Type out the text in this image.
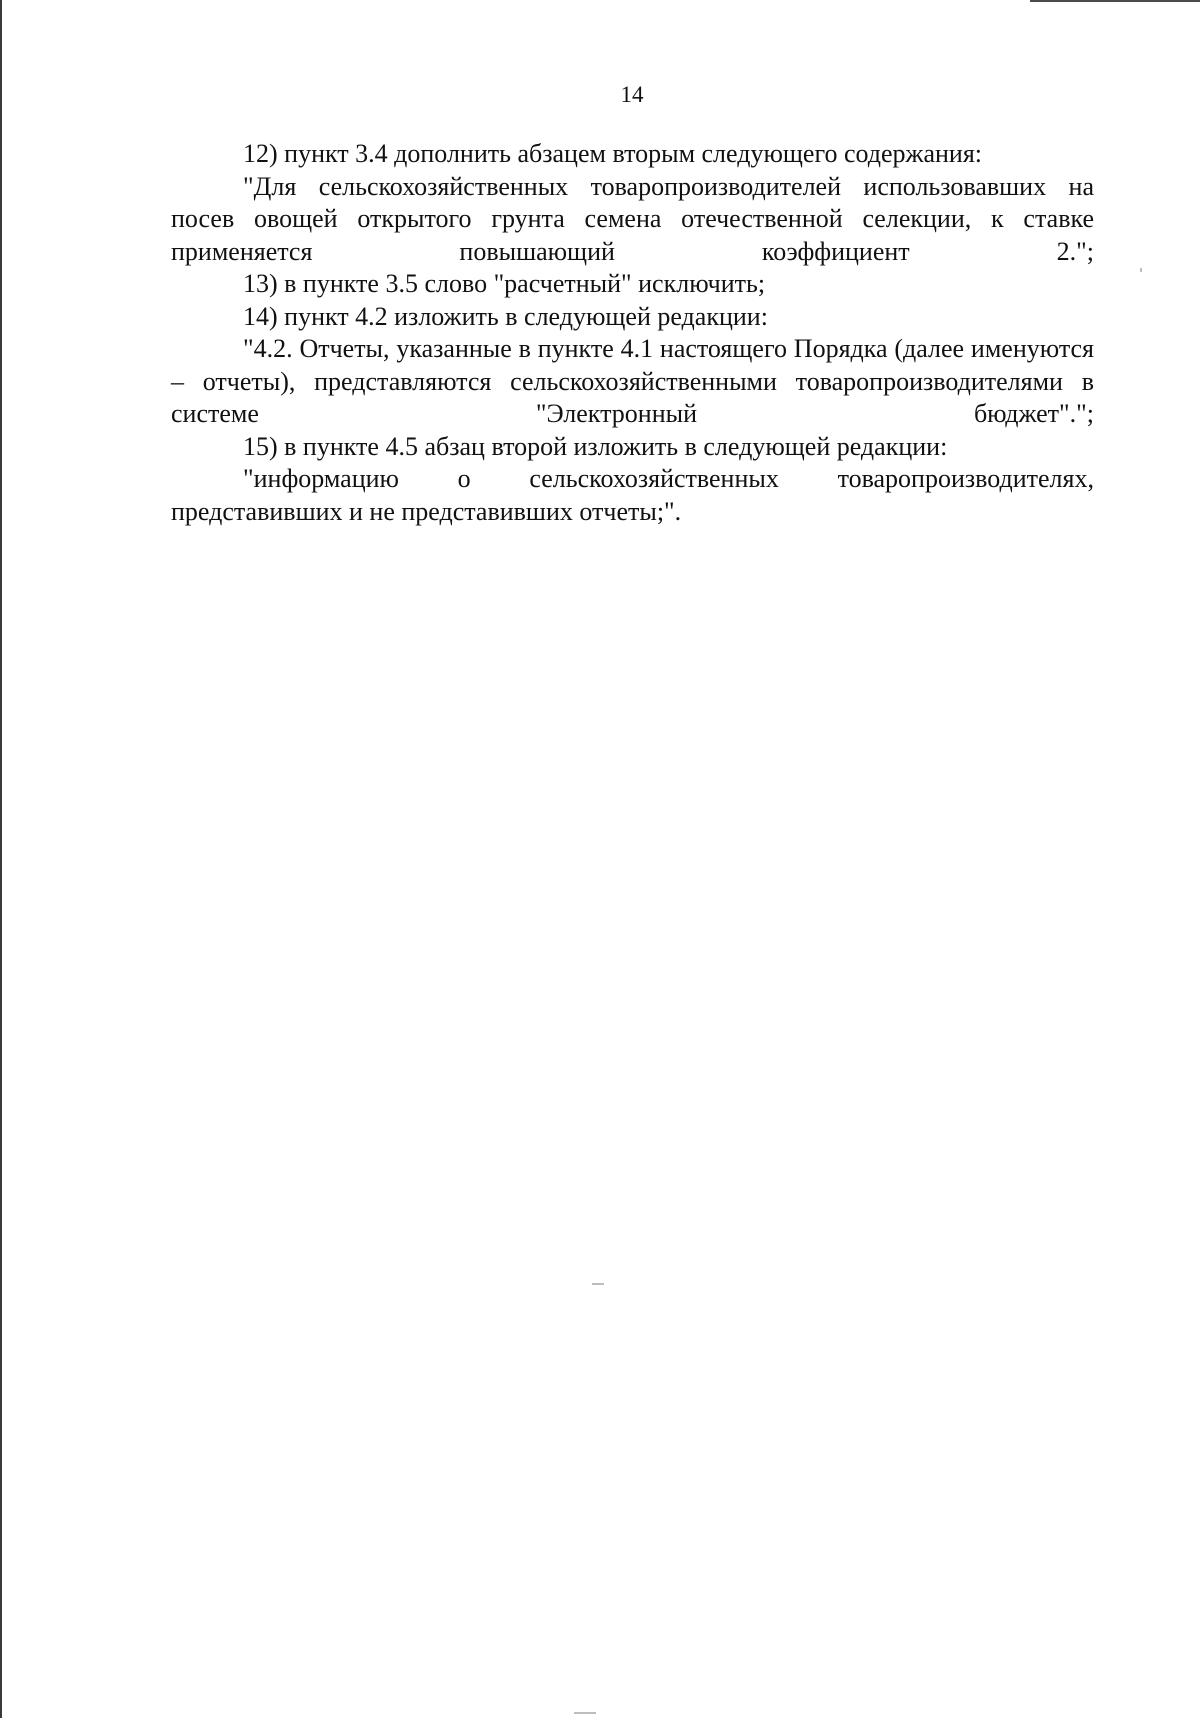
14

12) пункт 3.4 дополнить абзацем вторым следующего содержания:

"Для сельскохозяйственных товаропроизводителей использовавших на посев овощей открытого грунта семена отечественной селекции, к ставке применяется повышающий коэффициент 2.";

13) в пункте 3.5 слово "расчетный" исключить;

14) пункт 4.2 изложить в следующей редакции:

"4.2. Отчеты, указанные в пункте 4.1 настоящего Порядка (далее именуются – отчеты), представляются сельскохозяйственными товаропроизводителями в системе "Электронный бюджет".";

15) в пункте 4.5 абзац второй изложить в следующей редакции:

"информацию о сельскохозяйственных товаропроизводителях, представивших и не представивших отчеты;".
